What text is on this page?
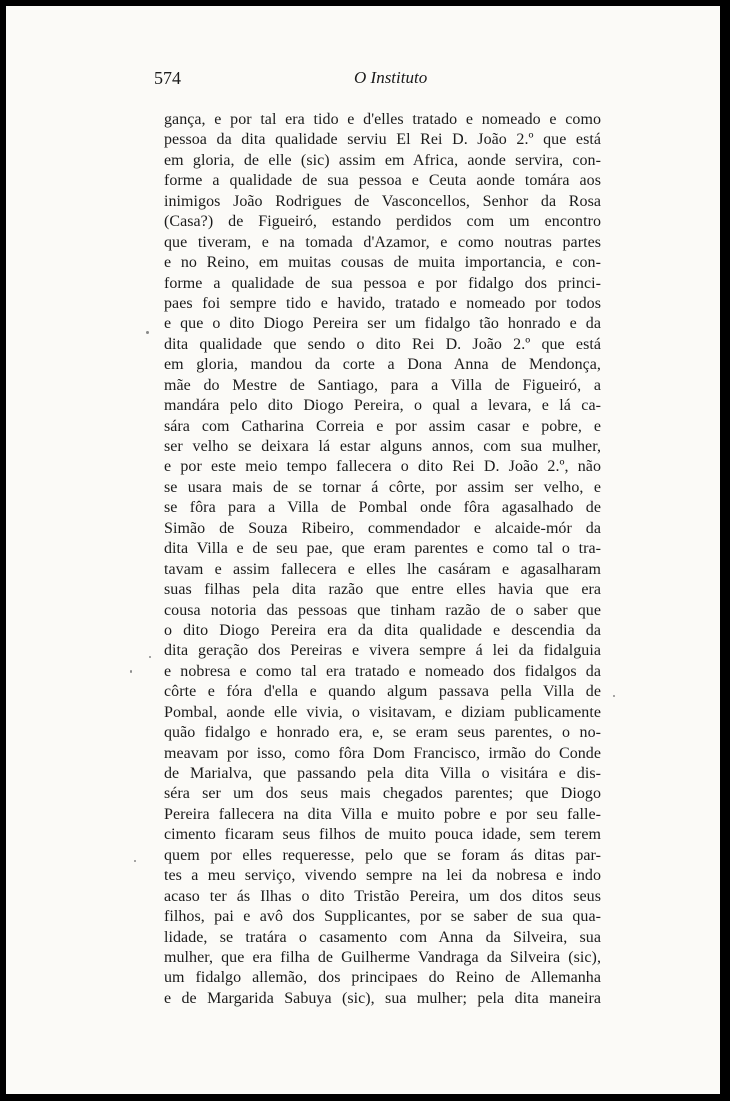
574	O Instituto
gança, e por tal era tido e d'elles tratado e nomeado e como
pessoa da dita qualidade serviu El Rei D. João 2.º que está
em gloria, de elle (sic) assim em Africa, aonde servira, con-
forme a qualidade de sua pessoa e Ceuta aonde tomára aos
inimigos João Rodrigues de Vasconcellos, Senhor da Rosa
(Casa?) de Figueiró, estando perdidos com um encontro
que tiveram, e na tomada d'Azamor, e como noutras partes
e no Reino, em muitas cousas de muita importancia, e con-
forme a qualidade de sua pessoa e por fidalgo dos princi-
paes foi sempre tido e havido, tratado e nomeado por todos
e que o dito Diogo Pereira ser um fidalgo tão honrado e da
dita qualidade que sendo o dito Rei D. João 2.º que está
em gloria, mandou da corte a Dona Anna de Mendonça,
mãe do Mestre de Santiago, para a Villa de Figueiró, a
mandára pelo dito Diogo Pereira, o qual a levara, e lá ca-
sára com Catharina Correia e por assim casar e pobre, e
ser velho se deixara lá estar alguns annos, com sua mulher,
e por este meio tempo fallecera o dito Rei D. João 2.º, não
se usara mais de se tornar á côrte, por assim ser velho, e
se fôra para a Villa de Pombal onde fôra agasalhado de
Simão de Souza Ribeiro, commendador e alcaide-mór da
dita Villa e de seu pae, que eram parentes e como tal o tra-
tavam e assim fallecera e elles lhe casáram e agasalharam
suas filhas pela dita razão que entre elles havia que era
cousa notoria das pessoas que tinham razão de o saber que
o dito Diogo Pereira era da dita qualidade e descendia da
dita geração dos Pereiras e vivera sempre á lei da fidalguia
e nobresa e como tal era tratado e nomeado dos fidalgos da
côrte e fóra d'ella e quando algum passava pella Villa de
Pombal, aonde elle vivia, o visitavam, e diziam publicamente
quão fidalgo e honrado era, e, se eram seus parentes, o no-
meavam por isso, como fôra Dom Francisco, irmão do Conde
de Marialva, que passando pela dita Villa o visitára e dis-
séra ser um dos seus mais chegados parentes; que Diogo
Pereira fallecera na dita Villa e muito pobre e por seu falle-
cimento ficaram seus filhos de muito pouca idade, sem terem
quem por elles requeresse, pelo que se foram ás ditas par-
tes a meu serviço, vivendo sempre na lei da nobresa e indo
acaso ter ás Ilhas o dito Tristão Pereira, um dos ditos seus
filhos, pai e avô dos Supplicantes, por se saber de sua qua-
lidade, se tratára o casamento com Anna da Silveira, sua
mulher, que era filha de Guilherme Vandraga da Silveira (sic),
um fidalgo allemão, dos principaes do Reino de Allemanha
e de Margarida Sabuya (sic), sua mulher; pela dita maneira
